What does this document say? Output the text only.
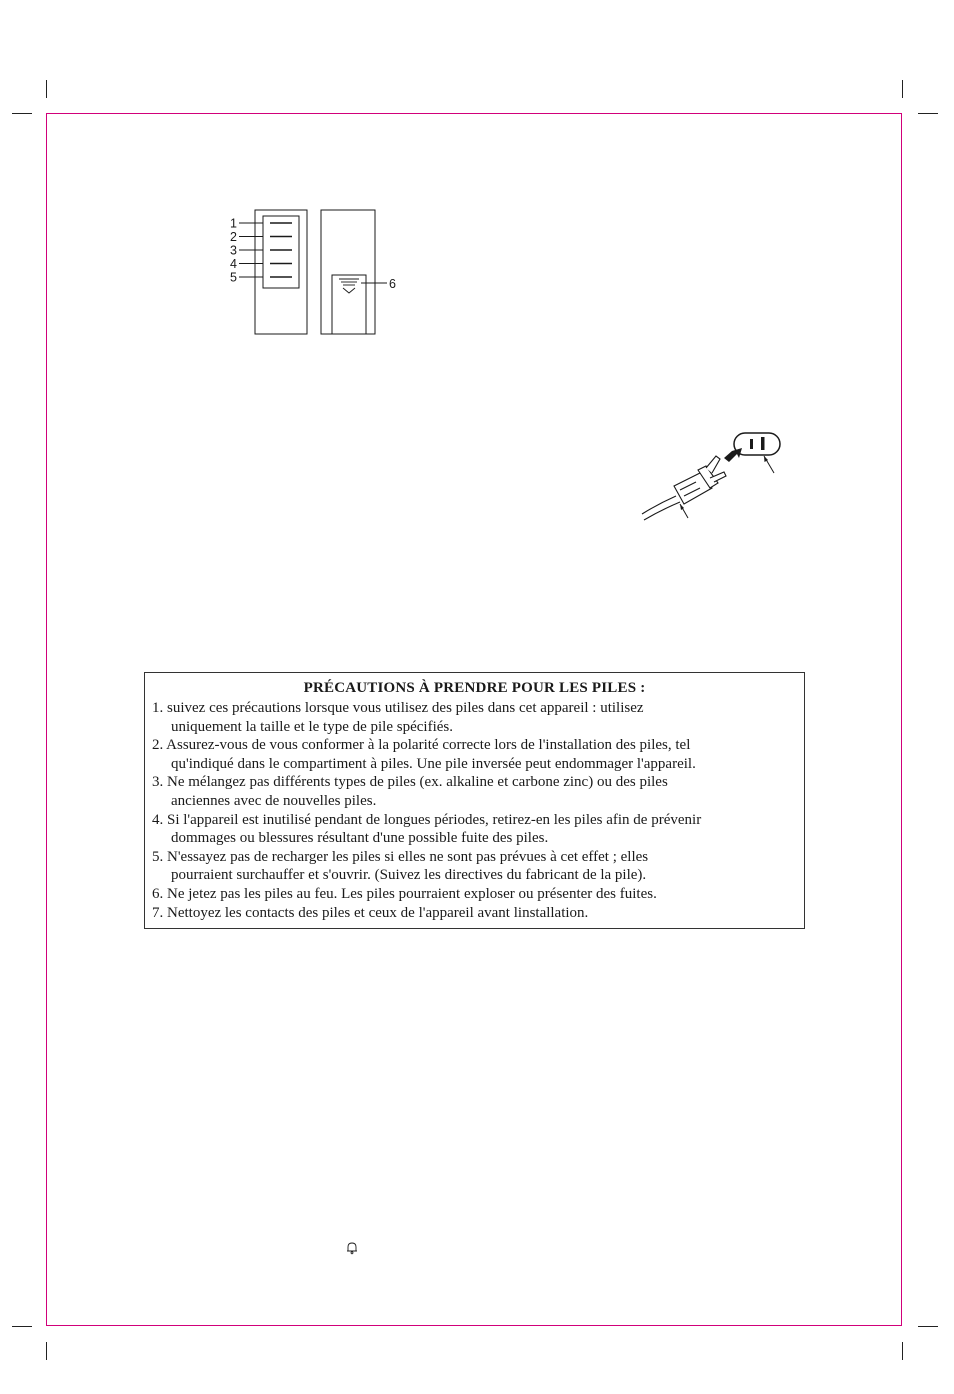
1
2
3
4
5	6
PRÉCAUTIONS À PRENDRE POUR LES PILES :
1. suivez ces précautions lorsque vous utilisez des piles dans cet appareil : utilisez
uniquement la taille et le type de pile spécifiés.
2. Assurez-vous de vous conformer à la polarité correcte lors de l'installation des piles, tel
qu'indiqué dans le compartiment à piles. Une pile inversée peut endommager l'appareil.
3. Ne mélangez pas différents types de piles (ex. alkaline et carbone zinc) ou des piles
anciennes avec de nouvelles piles.
4. Si l'appareil est inutilisé pendant de longues périodes, retirez-en les piles afin de prévenir
dommages ou blessures résultant d'une possible fuite des piles.
5. N'essayez pas de recharger les piles si elles ne sont pas prévues à cet effet ; elles
pourraient surchauffer et s'ouvrir. (Suivez les directives du fabricant de la pile).
6. Ne jetez pas les piles au feu. Les piles pourraient exploser ou présenter des fuites.
7. Nettoyez les contacts des piles et ceux de l'appareil avant linstallation.
